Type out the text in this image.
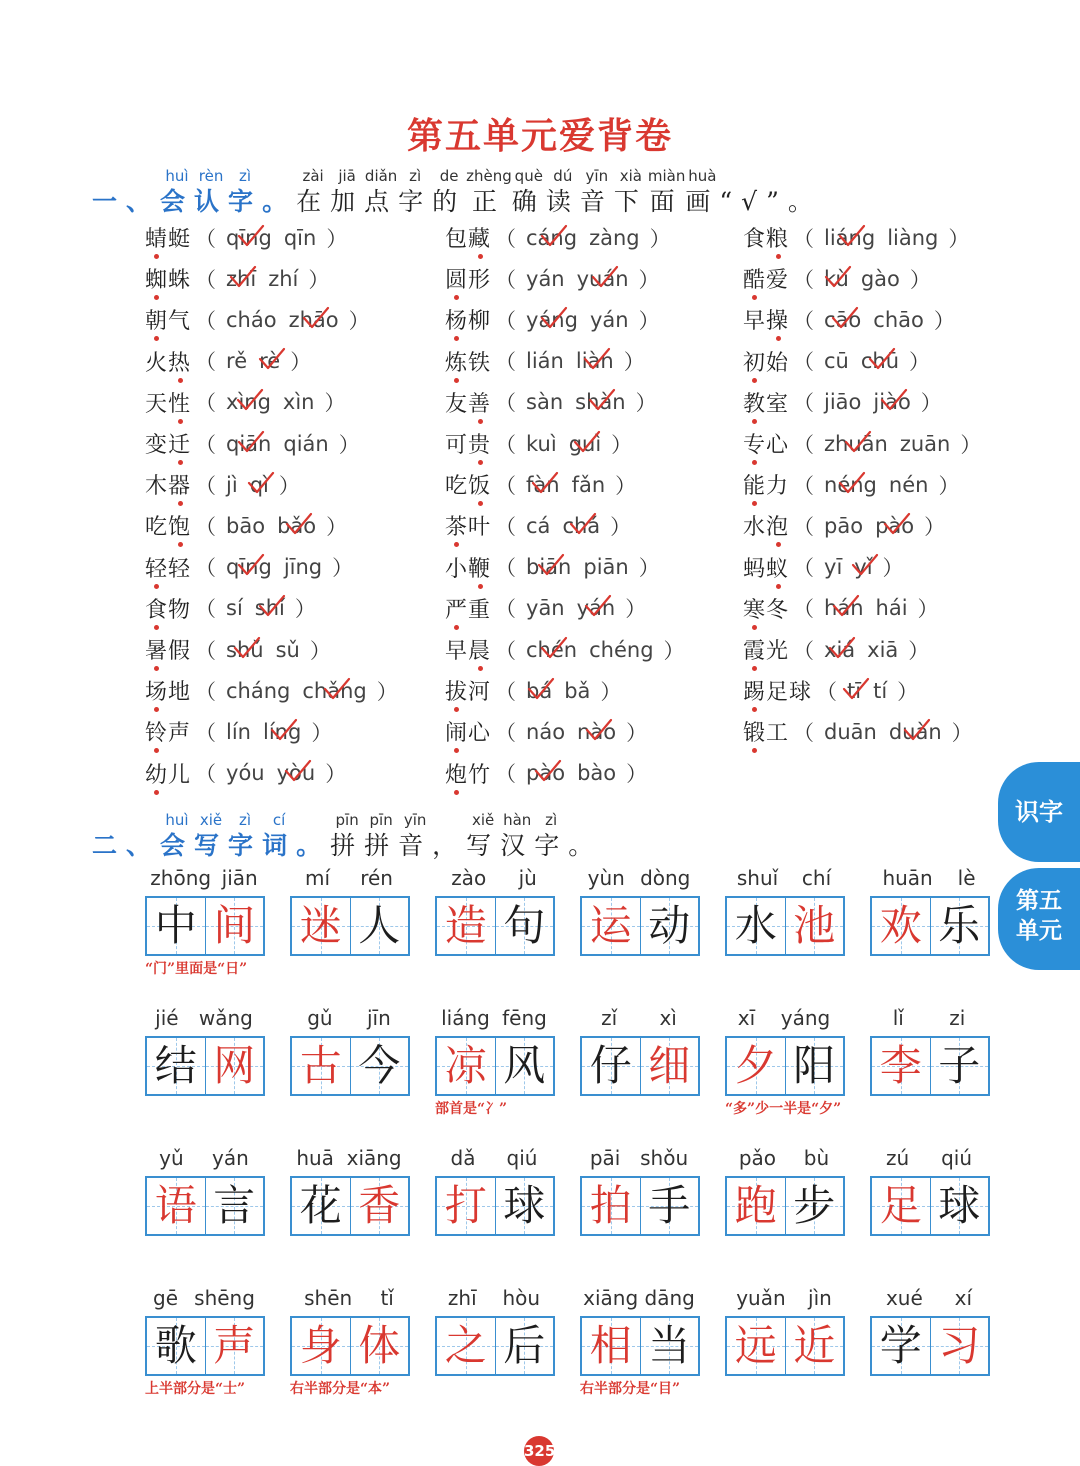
第五单元爱背卷

一、
huì
会
rèn
认
zì
字
。
zài
在
jiā
加
diǎn
点
zì
字
de
的
zhèng
正
què
确
dú
读
yīn
音
xià
下
miàn
面
huà
画
“
√
”
。
蜻蜓 （ qīng qīn ）
蜘蛛 （ zhī zhí ）
朝气 （ cháo zhāo ）
火热 （ rě rè ）
天性 （ xìng xìn ）
变迁 （ qiān qián ）
木器 （ jì qì ）
吃饱 （ bāo bǎo ）
轻轻 （ qīng jīng ）
食物 （ sí shí ）
暑假 （ shǔ sǔ ）
场地 （ cháng chǎng ）
铃声 （ lín líng ）
幼儿 （ yóu yòu ）
包藏 （ cáng zàng ）
圆形 （ yán yuán ）
杨柳 （ yáng yán ）
炼铁 （ lián liàn ）
友善 （ sàn shàn ）
可贵 （ kuì guì ）
吃饭 （ fàn fǎn ）
茶叶 （ cá chá ）
小鞭 （ biān piān ）
严重 （ yān yán ）
早晨 （ chén chéng ）
拔河 （ bá bǎ ）
闹心 （ náo nào ）
炮竹 （ pào bào ）
食粮 （ liáng liàng ）
酷爱 （ kù gào ）
早操 （ cāo chāo ）
初始 （ cū chū ）
教室 （ jiāo jiào ）
专心 （ zhuān zuān ）
能力 （ néng nén ）
水泡 （ pāo pào ）
蚂蚁 （ yī yǐ ）
寒冬 （ hán hái ）
霞光 （ xiá xiā ）
踢足球 （ tī tí ）
锻工 （ duān duàn ）

二、
huì
会
xiě
写
zì
字
cí
词
。
pīn
拼
pīn
拼
yīn
音
，
xiě
写
hàn
汉
zì
字
。
zhōng jiān
中 间
“门”里面是“日”
mí rén
迷 人
zào jù
造 句
yùn dòng
运 动
shuǐ chí
水 池
huān lè
欢 乐
jié wǎng
结 网
gǔ jīn
古 今
liáng fēng
凉 风
部首是“冫”
zǐ xì
仔 细
xī yáng
夕 阳
“多”少一半是“夕”
lǐ zi
李 子
yǔ yán
语 言
huā xiāng
花 香
dǎ qiú
打 球
pāi shǒu
拍 手
pǎo bù
跑 步
zú qiú
足 球
gē shēng
歌 声
上半部分是“士”
shēn tǐ
身 体
右半部分是“本”
zhī hòu
之 后
xiāng dāng
相 当
右半部分是“目”
yuǎn jìn
远 近
xué xí
学 习
识字
第五
单元
325
